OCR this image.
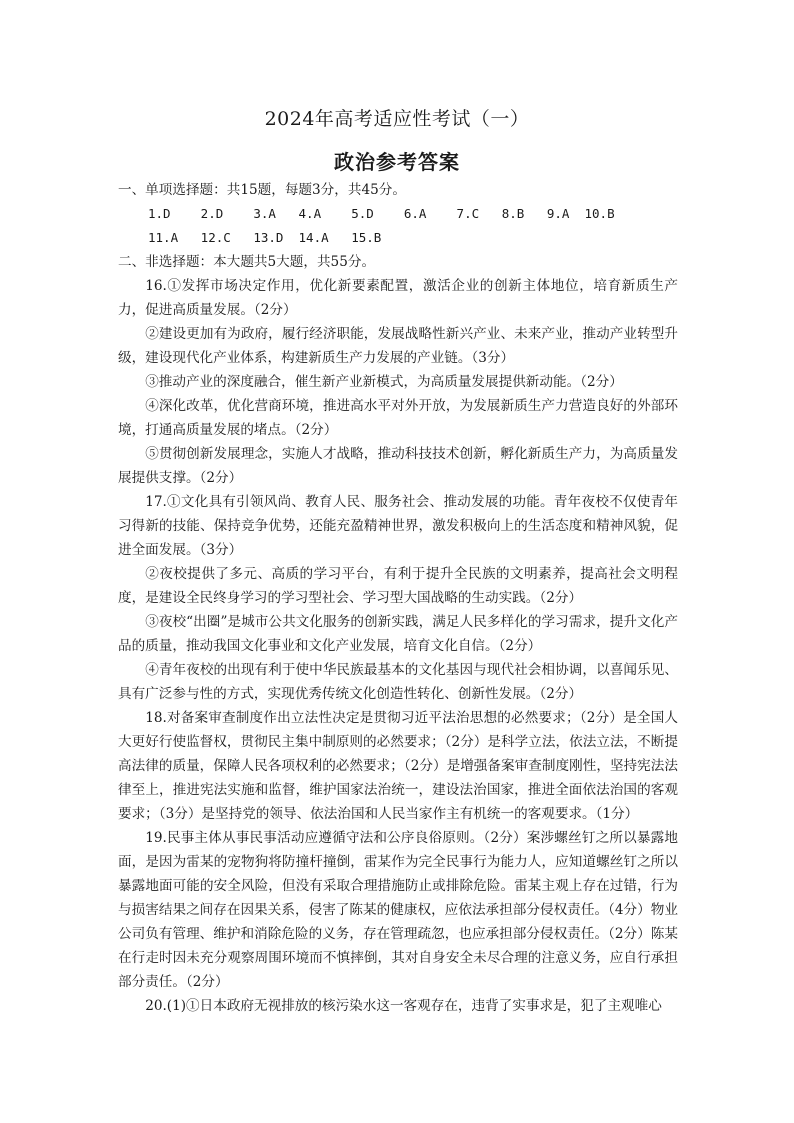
2024年高考适应性考试（一）
政治参考答案
一、单项选择题：共15题，每题3分，共45分。
1.D    2.D    3.A   4.A    5.D    6.A    7.C   8.B   9.A  10.B
11.A   12.C   13.D  14.A   15.B
二、非选择题：本大题共5大题，共55分。

16.①发挥市场决定作用，优化新要素配置，激活企业的创新主体地位，培育新质生产力，促进高质量发展。（2分）

②建设更加有为政府，履行经济职能，发展战略性新兴产业、未来产业，推动产业转型升级，建设现代化产业体系，构建新质生产力发展的产业链。（3分）

③推动产业的深度融合，催生新产业新模式，为高质量发展提供新动能。（2分）

④深化改革，优化营商环境，推进高水平对外开放，为发展新质生产力营造良好的外部环境，打通高质量发展的堵点。（2分）

⑤贯彻创新发展理念，实施人才战略，推动科技技术创新，孵化新质生产力，为高质量发展提供支撑。（2分）

17.①文化具有引领风尚、教育人民、服务社会、推动发展的功能。青年夜校不仅使青年习得新的技能、保持竞争优势，还能充盈精神世界，激发积极向上的生活态度和精神风貌，促进全面发展。（3分）

②夜校提供了多元、高质的学习平台，有利于提升全民族的文明素养，提高社会文明程度，是建设全民终身学习的学习型社会、学习型大国战略的生动实践。（2分）

③夜校“出圈”是城市公共文化服务的创新实践，满足人民多样化的学习需求，提升文化产品的质量，推动我国文化事业和文化产业发展，培育文化自信。（2分）

④青年夜校的出现有利于使中华民族最基本的文化基因与现代社会相协调，以喜闻乐见、具有广泛参与性的方式，实现优秀传统文化创造性转化、创新性发展。（2分）

18.对备案审查制度作出立法性决定是贯彻习近平法治思想的必然要求；（2分）是全国人大更好行使监督权，贯彻民主集中制原则的必然要求；（2分）是科学立法，依法立法，不断提高法律的质量，保障人民各项权利的必然要求；（2分）是增强备案审查制度刚性，坚持宪法法律至上，推进宪法实施和监督，维护国家法治统一，建设法治国家，推进全面依法治国的客观要求；（3分）是坚持党的领导、依法治国和人民当家作主有机统一的客观要求。（1分）

19.民事主体从事民事活动应遵循守法和公序良俗原则。（2分）案涉螺丝钉之所以暴露地面，是因为雷某的宠物狗将防撞杆撞倒，雷某作为完全民事行为能力人，应知道螺丝钉之所以暴露地面可能的安全风险，但没有采取合理措施防止或排除危险。雷某主观上存在过错，行为与损害结果之间存在因果关系，侵害了陈某的健康权，应依法承担部分侵权责任。（4分）物业公司负有管理、维护和消除危险的义务，存在管理疏忽，也应承担部分侵权责任。（2分）陈某在行走时因未充分观察周围环境而不慎摔倒，其对自身安全未尽合理的注意义务，应自行承担部分责任。（2分）

20.(1)①日本政府无视排放的核污染水这一客观存在，违背了实事求是，犯了主观唯心
